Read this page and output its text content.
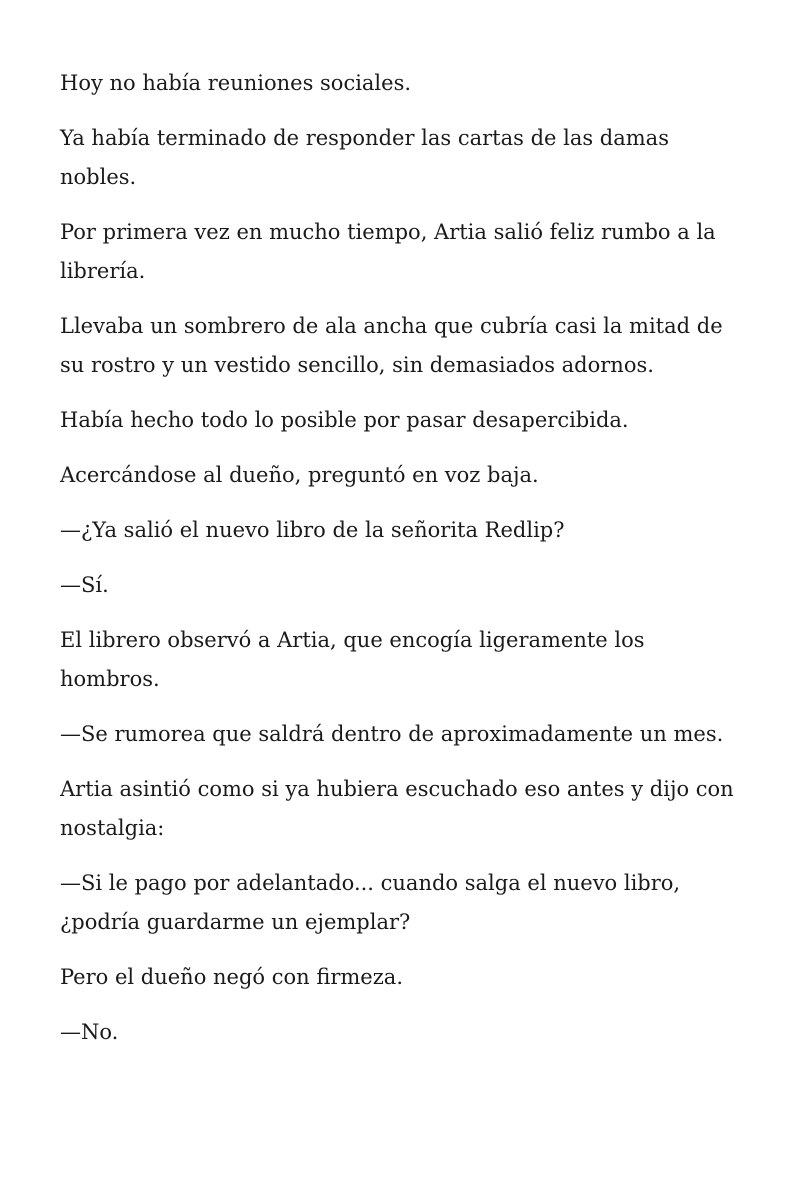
Hoy no había reuniones sociales.

Ya había terminado de responder las cartas de las damas nobles.

Por primera vez en mucho tiempo, Artia salió feliz rumbo a la librería.

Llevaba un sombrero de ala ancha que cubría casi la mitad de su rostro y un vestido sencillo, sin demasiados adornos.

Había hecho todo lo posible por pasar desapercibida.

Acercándose al dueño, preguntó en voz baja.

—¿Ya salió el nuevo libro de la señorita Redlip?

—Sí.

El librero observó a Artia, que encogía ligeramente los hombros.

—Se rumorea que saldrá dentro de aproximadamente un mes.

Artia asintió como si ya hubiera escuchado eso antes y dijo con nostalgia:

—Si le pago por adelantado... cuando salga el nuevo libro, ¿podría guardarme un ejemplar?

Pero el dueño negó con firmeza.

—No.
